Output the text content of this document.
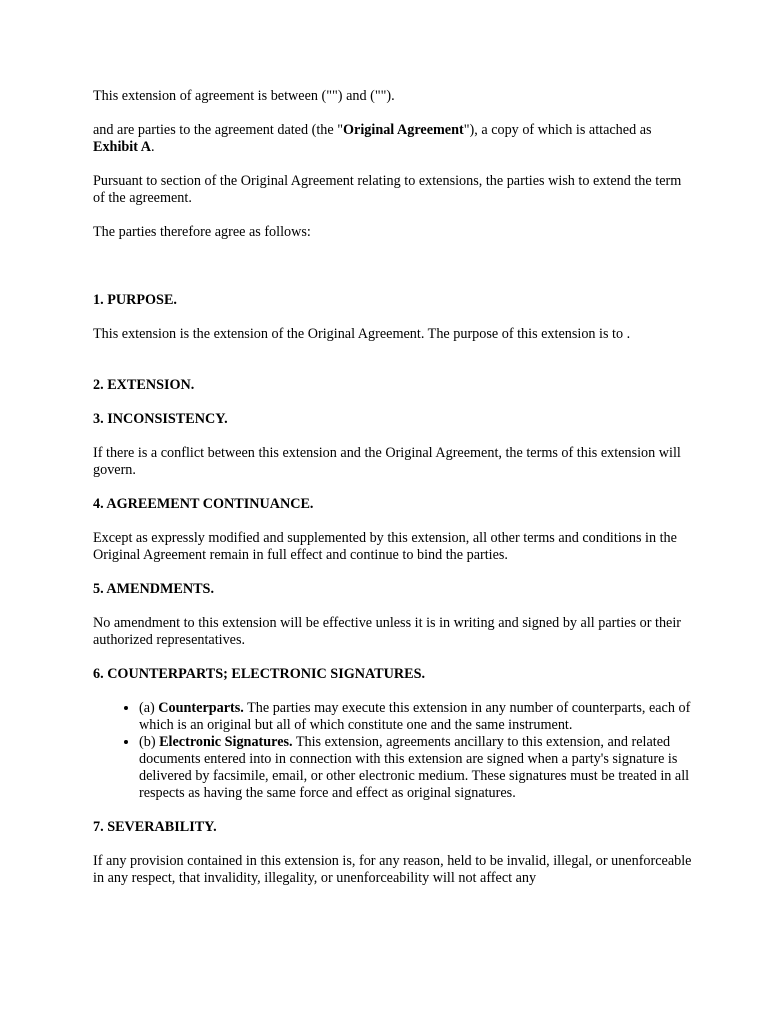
This extension of agreement is between ("") and ("").

and are parties to the agreement dated (the "Original Agreement"), a copy of which is attached as Exhibit A.

Pursuant to section of the Original Agreement relating to extensions, the parties wish to extend the term of the agreement.

The parties therefore agree as follows:

1. PURPOSE.

This extension is the extension of the Original Agreement. The purpose of this extension is to .

2. EXTENSION.
3. INCONSISTENCY.

If there is a conflict between this extension and the Original Agreement, the terms of this extension will govern.

4. AGREEMENT CONTINUANCE.

Except as expressly modified and supplemented by this extension, all other terms and conditions in the Original Agreement remain in full effect and continue to bind the parties.

5. AMENDMENTS.

No amendment to this extension will be effective unless it is in writing and signed by all parties or their authorized representatives.

6. COUNTERPARTS; ELECTRONIC SIGNATURES.
• (a) Counterparts. The parties may execute this extension in any number of counterparts, each of which is an original but all of which constitute one and the same instrument.
• (b) Electronic Signatures. This extension, agreements ancillary to this extension, and related documents entered into in connection with this extension are signed when a party's signature is delivered by facsimile, email, or other electronic medium. These signatures must be treated in all respects as having the same force and effect as original signatures.
7. SEVERABILITY.

If any provision contained in this extension is, for any reason, held to be invalid, illegal, or unenforceable in any respect, that invalidity, illegality, or unenforceability will not affect any
